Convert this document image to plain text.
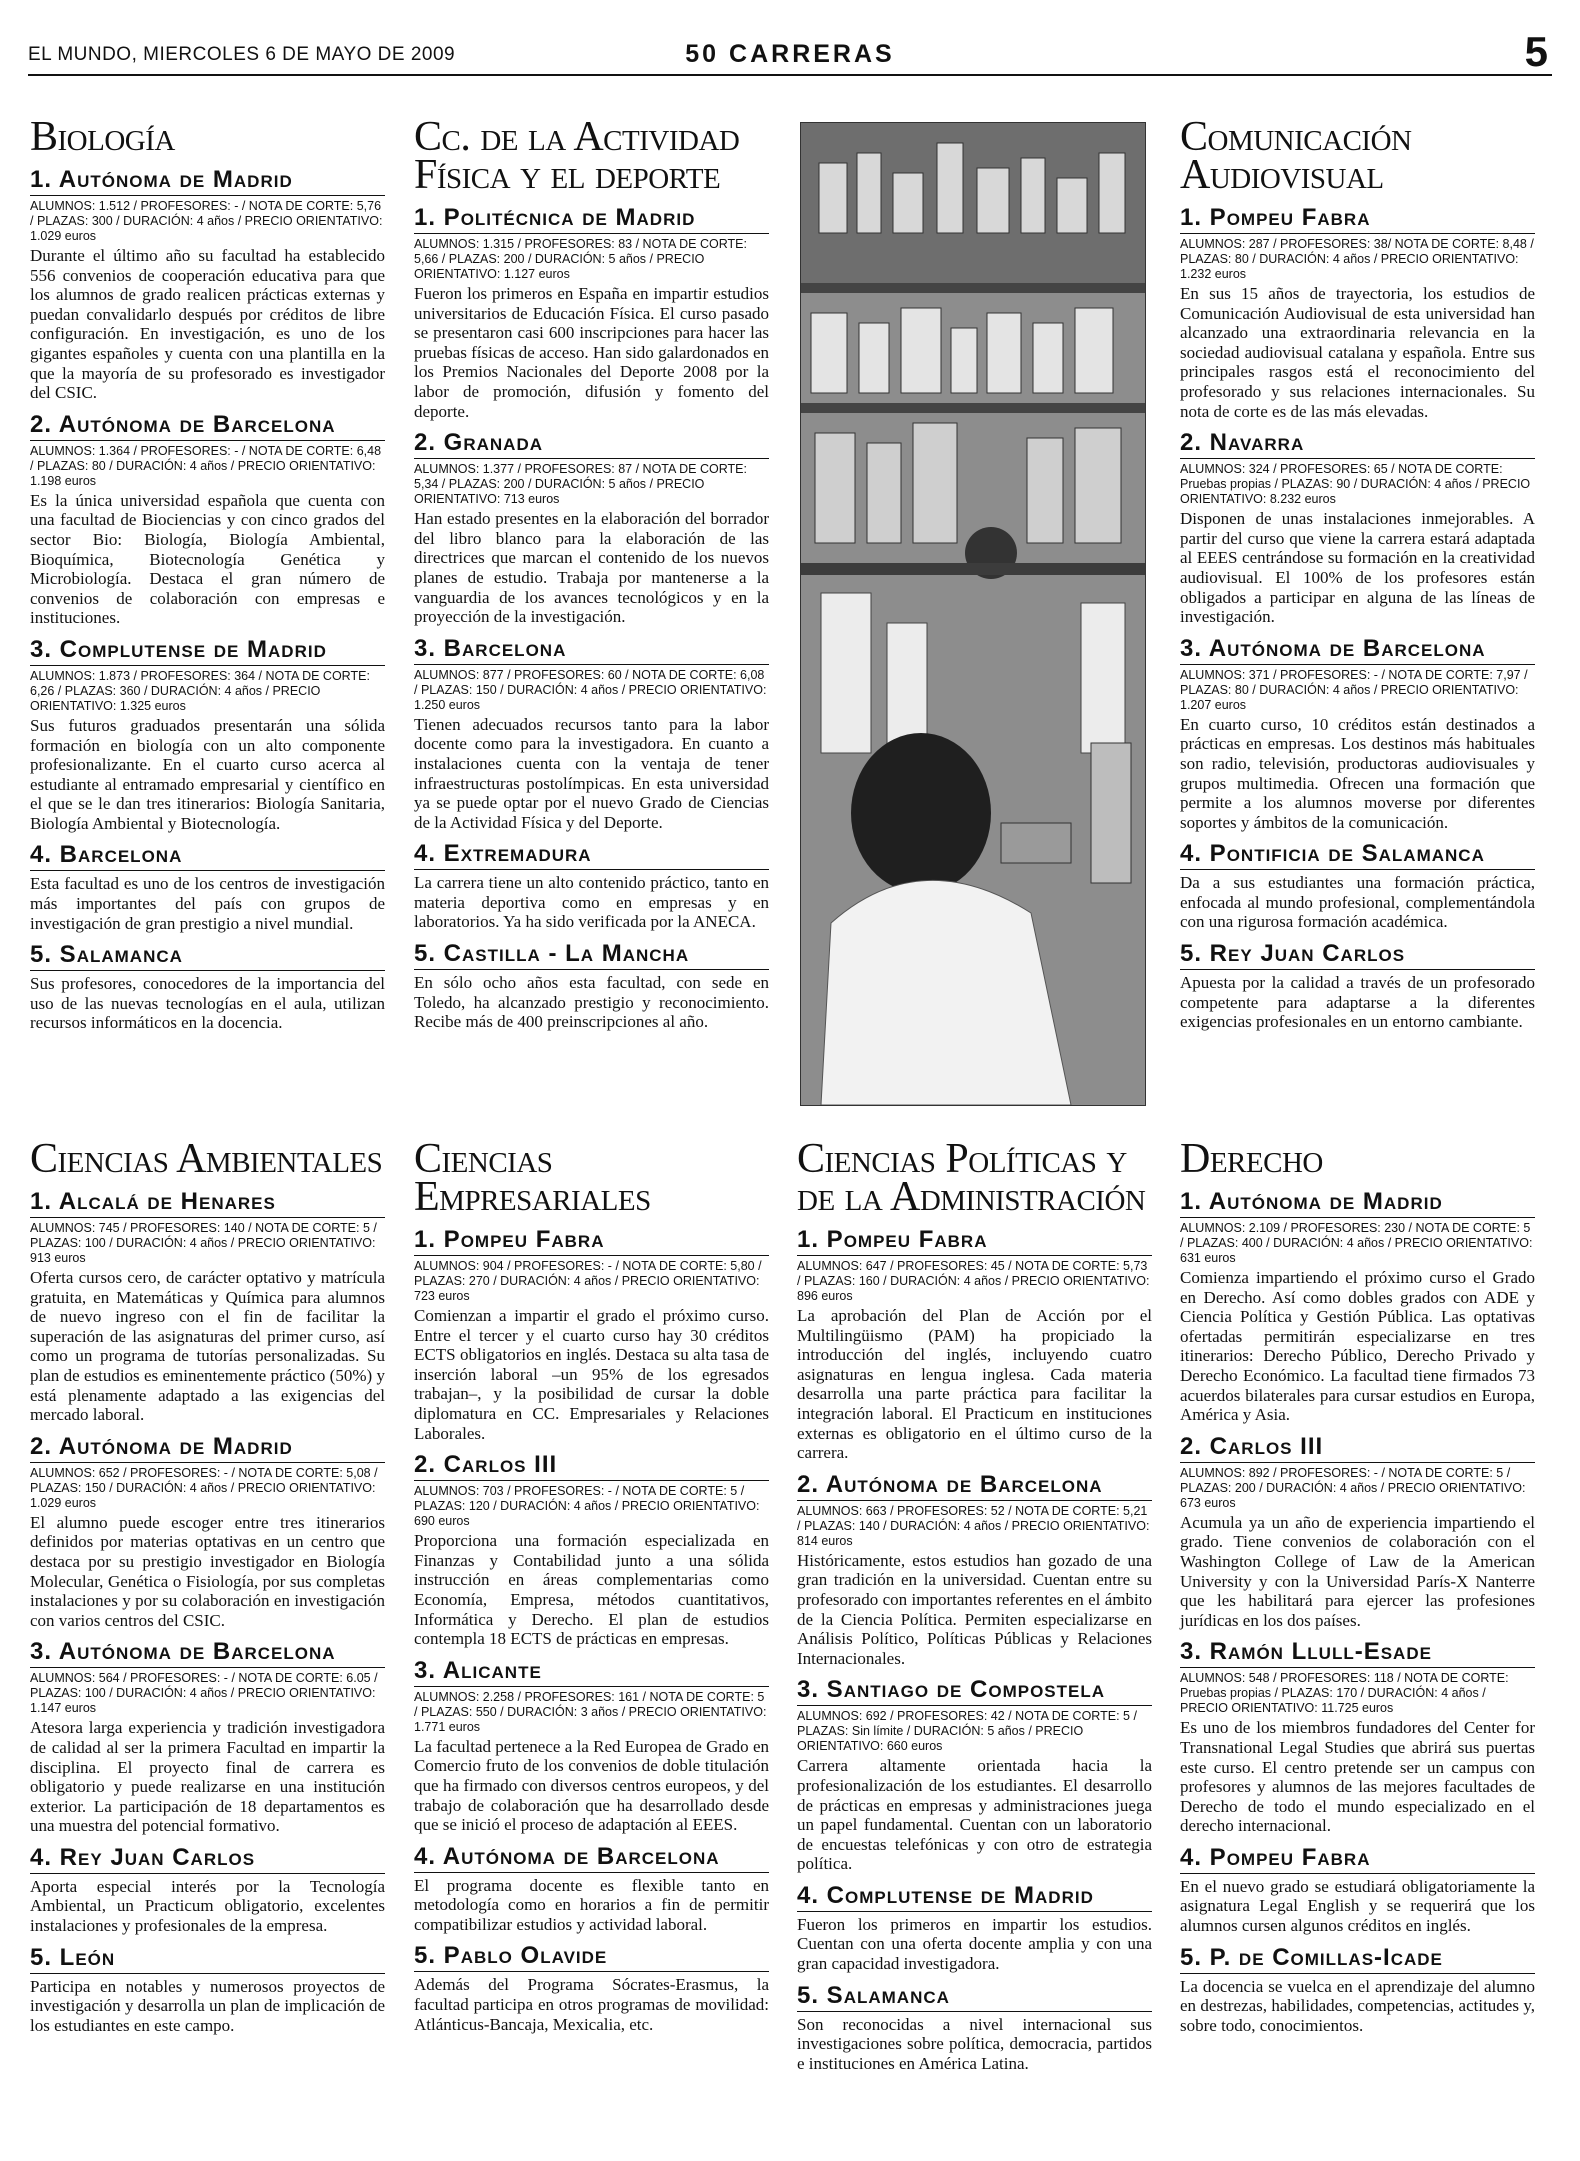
EL MUNDO, MIERCOLES 6 DE MAYO DE 2009	50 CARRERAS	5
Biología
1. Autónoma de Madrid
ALUMNOS: 1.512 / PROFESORES: - / NOTA DE CORTE: 5,76 / PLAZAS: 300 / DURACIÓN: 4 años / PRECIO ORIENTATIVO: 1.029 euros
Durante el último año su facultad ha establecido 556 convenios de cooperación educativa para que los alumnos de grado realicen prácticas externas y puedan convalidarlo después por créditos de libre configuración. En investigación, es uno de los gigantes españoles y cuenta con una plantilla en la que la mayoría de su profesorado es investigador del CSIC.
2. Autónoma de Barcelona
ALUMNOS: 1.364 / PROFESORES: - / NOTA DE CORTE: 6,48 / PLAZAS: 80 / DURACIÓN: 4 años / PRECIO ORIENTATIVO: 1.198 euros
Es la única universidad española que cuenta con una facultad de Biociencias y con cinco grados del sector Bio: Biología, Biología Ambiental, Bioquímica, Biotecnología Genética y Microbiología. Destaca el gran número de convenios de colaboración con empresas e instituciones.
3. Complutense de Madrid
ALUMNOS: 1.873 / PROFESORES: 364 / NOTA DE CORTE: 6,26 / PLAZAS: 360 / DURACIÓN: 4 años / PRECIO ORIENTATIVO: 1.325 euros
Sus futuros graduados presentarán una sólida formación en biología con un alto componente profesionalizante. En el cuarto curso acerca al estudiante al entramado empresarial y científico en el que se le dan tres itinerarios: Biología Sanitaria, Biología Ambiental y Biotecnología.
4. Barcelona
Esta facultad es uno de los centros de investigación más importantes del país con grupos de investigación de gran prestigio a nivel mundial.
5. Salamanca
Sus profesores, conocedores de la importancia del uso de las nuevas tecnologías en el aula, utilizan recursos informáticos en la docencia.
Cc. de la Actividad Física y el deporte
1. Politécnica de Madrid
ALUMNOS: 1.315 / PROFESORES: 83 / NOTA DE CORTE: 5,66 / PLAZAS: 200 / DURACIÓN: 5 años / PRECIO ORIENTATIVO: 1.127 euros
Fueron los primeros en España en impartir estudios universitarios de Educación Física. El curso pasado se presentaron casi 600 inscripciones para hacer las pruebas físicas de acceso. Han sido galardonados en los Premios Nacionales del Deporte 2008 por la labor de promoción, difusión y fomento del deporte.
2. Granada
ALUMNOS: 1.377 / PROFESORES: 87 / NOTA DE CORTE: 5,34 / PLAZAS: 200 / DURACIÓN: 5 años / PRECIO ORIENTATIVO: 713 euros
Han estado presentes en la elaboración del borrador del libro blanco para la elaboración de las directrices que marcan el contenido de los nuevos planes de estudio. Trabaja por mantenerse a la vanguardia de los avances tecnológicos y en la proyección de la investigación.
3. Barcelona
ALUMNOS: 877 / PROFESORES: 60 / NOTA DE CORTE: 6,08 / PLAZAS: 150 / DURACIÓN: 4 años / PRECIO ORIENTATIVO: 1.250 euros
Tienen adecuados recursos tanto para la labor docente como para la investigadora. En cuanto a instalaciones cuenta con la ventaja de tener infraestructuras postolímpicas. En esta universidad ya se puede optar por el nuevo Grado de Ciencias de la Actividad Física y del Deporte.
4. Extremadura
La carrera tiene un alto contenido práctico, tanto en materia deportiva como en empresas y en laboratorios. Ya ha sido verificada por la ANECA.
5. Castilla - La Mancha
En sólo ocho años esta facultad, con sede en Toledo, ha alcanzado prestigio y reconocimiento. Recibe más de 400 preinscripciones al año.
Comunicación Audiovisual
1. Pompeu Fabra
ALUMNOS: 287 / PROFESORES: 38/ NOTA DE CORTE: 8,48 / PLAZAS: 80 / DURACIÓN: 4 años / PRECIO ORIENTATIVO: 1.232 euros
En sus 15 años de trayectoria, los estudios de Comunicación Audiovisual de esta universidad han alcanzado una extraordinaria relevancia en la sociedad audiovisual catalana y española. Entre sus principales rasgos está el reconocimiento del profesorado y sus relaciones internacionales. Su nota de corte es de las más elevadas.
2. Navarra
ALUMNOS: 324 / PROFESORES: 65 / NOTA DE CORTE: Pruebas propias / PLAZAS: 90 / DURACIÓN: 4 años / PRECIO ORIENTATIVO: 8.232 euros
Disponen de unas instalaciones inmejorables. A partir del curso que viene la carrera estará adaptada al EEES centrándose su formación en la creatividad audiovisual. El 100% de los profesores están obligados a participar en alguna de las líneas de investigación.
3. Autónoma de Barcelona
ALUMNOS: 371 / PROFESORES: - / NOTA DE CORTE: 7,97 / PLAZAS: 80 / DURACIÓN: 4 años / PRECIO ORIENTATIVO: 1.207 euros
En cuarto curso, 10 créditos están destinados a prácticas en empresas. Los destinos más habituales son radio, televisión, productoras audiovisuales y grupos multimedia. Ofrecen una formación que permite a los alumnos moverse por diferentes soportes y ámbitos de la comunicación.
4. Pontificia de Salamanca
Da a sus estudiantes una formación práctica, enfocada al mundo profesional, complementándola con una rigurosa formación académica.
5. Rey Juan Carlos
Apuesta por la calidad a través de un profesorado competente para adaptarse a la diferentes exigencias profesionales en un entorno cambiante.
Ciencias Ambientales
1. Alcalá de Henares
ALUMNOS: 745 / PROFESORES: 140 / NOTA DE CORTE: 5 / PLAZAS: 100 / DURACIÓN: 4 años / PRECIO ORIENTATIVO: 913 euros
Oferta cursos cero, de carácter optativo y matrícula gratuita, en Matemáticas y Química para alumnos de nuevo ingreso con el fin de facilitar la superación de las asignaturas del primer curso, así como un programa de tutorías personalizadas. Su plan de estudios es eminentemente práctico (50%) y está plenamente adaptado a las exigencias del mercado laboral.
2. Autónoma de Madrid
ALUMNOS: 652 / PROFESORES: - / NOTA DE CORTE: 5,08 / PLAZAS: 150 / DURACIÓN: 4 años / PRECIO ORIENTATIVO: 1.029 euros
El alumno puede escoger entre tres itinerarios definidos por materias optativas en un centro que destaca por su prestigio investigador en Biología Molecular, Genética o Fisiología, por sus completas instalaciones y por su colaboración en investigación con varios centros del CSIC.
3. Autónoma de Barcelona
ALUMNOS: 564 / PROFESORES: - / NOTA DE CORTE: 6.05 / PLAZAS: 100 / DURACIÓN: 4 años / PRECIO ORIENTATIVO: 1.147 euros
Atesora larga experiencia y tradición investigadora de calidad al ser la primera Facultad en impartir la disciplina. El proyecto final de carrera es obligatorio y puede realizarse en una institución exterior. La participación de 18 departamentos es una muestra del potencial formativo.
4. Rey Juan Carlos
Aporta especial interés por la Tecnología Ambiental, un Practicum obligatorio, excelentes instalaciones y profesionales de la empresa.
5. León
Participa en notables y numerosos proyectos de investigación y desarrolla un plan de implicación de los estudiantes en este campo.
Ciencias Empresariales
1. Pompeu Fabra
ALUMNOS: 904 / PROFESORES: - / NOTA DE CORTE: 5,80 / PLAZAS: 270 / DURACIÓN: 4 años / PRECIO ORIENTATIVO: 723 euros
Comienzan a impartir el grado el próximo curso. Entre el tercer y el cuarto curso hay 30 créditos ECTS obligatorios en inglés. Destaca su alta tasa de inserción laboral –un 95% de los egresados trabajan–, y la posibilidad de cursar la doble diplomatura en CC. Empresariales y Relaciones Laborales.
2. Carlos III
ALUMNOS: 703 / PROFESORES: - / NOTA DE CORTE: 5 / PLAZAS: 120 / DURACIÓN: 4 años / PRECIO ORIENTATIVO: 690 euros
Proporciona una formación especializada en Finanzas y Contabilidad junto a una sólida instrucción en áreas complementarias como Economía, Empresa, métodos cuantitativos, Informática y Derecho. El plan de estudios contempla 18 ECTS de prácticas en empresas.
3. Alicante
ALUMNOS: 2.258 / PROFESORES: 161 / NOTA DE CORTE: 5 / PLAZAS: 550 / DURACIÓN: 3 años / PRECIO ORIENTATIVO: 1.771 euros
La facultad pertenece a la Red Europea de Grado en Comercio fruto de los convenios de doble titulación que ha firmado con diversos centros europeos, y del trabajo de colaboración que ha desarrollado desde que se inició el proceso de adaptación al EEES.
4. Autónoma de Barcelona
El programa docente es flexible tanto en metodología como en horarios a fin de permitir compatibilizar estudios y actividad laboral.
5. Pablo Olavide
Además del Programa Sócrates-Erasmus, la facultad participa en otros programas de movilidad: Atlánticus-Bancaja, Mexicalia, etc.
Ciencias Políticas y de la Administración
1. Pompeu Fabra
ALUMNOS: 647 / PROFESORES: 45 / NOTA DE CORTE: 5,73 / PLAZAS: 160 / DURACIÓN: 4 años / PRECIO ORIENTATIVO: 896 euros
La aprobación del Plan de Acción por el Multilingüismo (PAM) ha propiciado la introducción del inglés, incluyendo cuatro asignaturas en lengua inglesa. Cada materia desarrolla una parte práctica para facilitar la integración laboral. El Practicum en instituciones externas es obligatorio en el último curso de la carrera.
2. Autónoma de Barcelona
ALUMNOS: 663 / PROFESORES: 52 / NOTA DE CORTE: 5,21 / PLAZAS: 140 / DURACIÓN: 4 años / PRECIO ORIENTATIVO: 814 euros
Históricamente, estos estudios han gozado de una gran tradición en la universidad. Cuentan entre su profesorado con importantes referentes en el ámbito de la Ciencia Política. Permiten especializarse en Análisis Político, Políticas Públicas y Relaciones Internacionales.
3. Santiago de Compostela
ALUMNOS: 692 / PROFESORES: 42 / NOTA DE CORTE: 5 / PLAZAS: Sin límite / DURACIÓN: 5 años / PRECIO ORIENTATIVO: 660 euros
Carrera altamente orientada hacia la profesionalización de los estudiantes. El desarrollo de prácticas en empresas y administraciones juega un papel fundamental. Cuentan con un laboratorio de encuestas telefónicas y con otro de estrategia política.
4. Complutense de Madrid
Fueron los primeros en impartir los estudios. Cuentan con una oferta docente amplia y con una gran capacidad investigadora.
5. Salamanca
Son reconocidas a nivel internacional sus investigaciones sobre política, democracia, partidos e instituciones en América Latina.
Derecho
1. Autónoma de Madrid
ALUMNOS: 2.109 / PROFESORES: 230 / NOTA DE CORTE: 5 / PLAZAS: 400 / DURACIÓN: 4 años / PRECIO ORIENTATIVO: 631 euros
Comienza impartiendo el próximo curso el Grado en Derecho. Así como dobles grados con ADE y Ciencia Política y Gestión Pública. Las optativas ofertadas permitirán especializarse en tres itinerarios: Derecho Público, Derecho Privado y Derecho Económico. La facultad tiene firmados 73 acuerdos bilaterales para cursar estudios en Europa, América y Asia.
2. Carlos III
ALUMNOS: 892 / PROFESORES: - / NOTA DE CORTE: 5 / PLAZAS: 200 / DURACIÓN: 4 años / PRECIO ORIENTATIVO: 673 euros
Acumula ya un año de experiencia impartiendo el grado. Tiene convenios de colaboración con el Washington College of Law de la American University y con la Universidad París-X Nanterre que les habilitará para ejercer las profesiones jurídicas en los dos países.
3. Ramón Llull-Esade
ALUMNOS: 548 / PROFESORES: 118 / NOTA DE CORTE: Pruebas propias / PLAZAS: 170 / DURACIÓN: 4 años / PRECIO ORIENTATIVO: 11.725 euros
Es uno de los miembros fundadores del Center for Transnational Legal Studies que abrirá sus puertas este curso. El centro pretende ser un campus con profesores y alumnos de las mejores facultades de Derecho de todo el mundo especializado en el derecho internacional.
4. Pompeu Fabra
En el nuevo grado se estudiará obligatoriamente la asignatura Legal English y se requerirá que los alumnos cursen algunos créditos en inglés.
5. P. de Comillas-Icade
La docencia se vuelca en el aprendizaje del alumno en destrezas, habilidades, competencias, actitudes y, sobre todo, conocimientos.
